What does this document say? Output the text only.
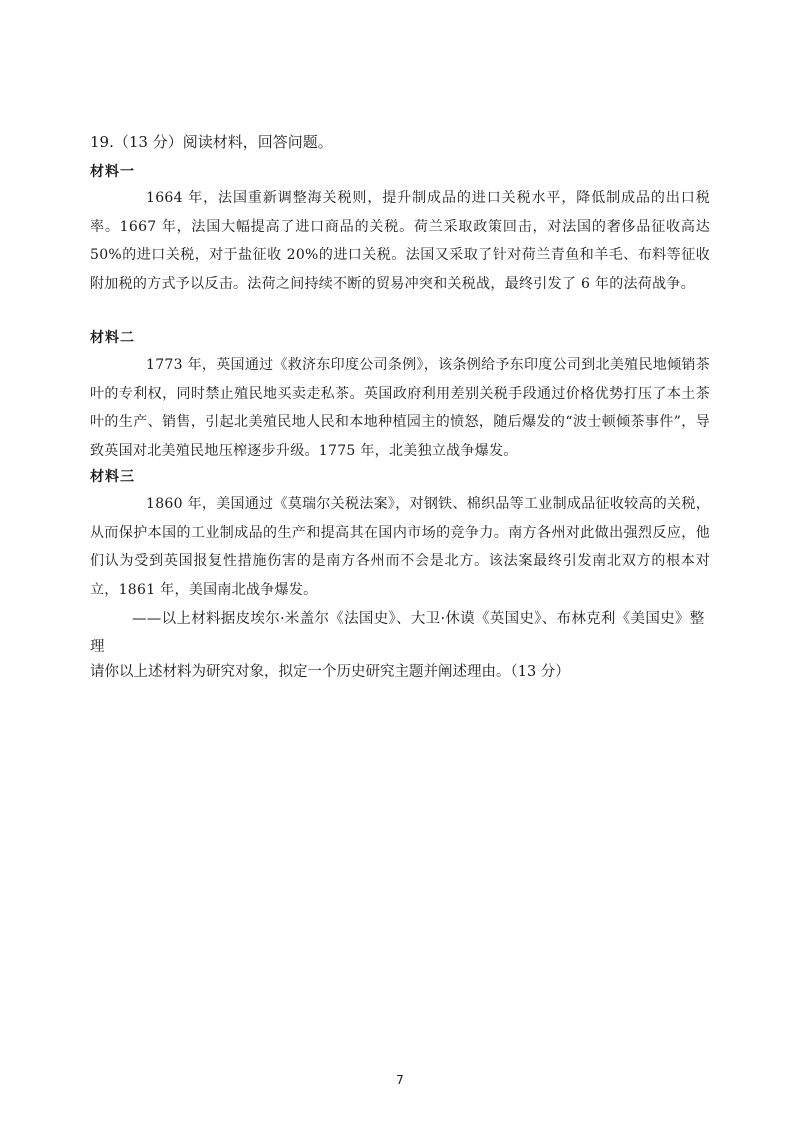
19.（13 分）阅读材料，回答问题。
材料一
1664 年，法国重新调整海关税则，提升制成品的进口关税水平，降低制成品的出口税率。1667 年，法国大幅提高了进口商品的关税。荷兰采取政策回击，对法国的奢侈品征收高达 50%的进口关税，对于盐征收 20%的进口关税。法国又采取了针对荷兰青鱼和羊毛、布料等征收附加税的方式予以反击。法荷之间持续不断的贸易冲突和关税战，最终引发了 6 年的法荷战争。
材料二
1773 年，英国通过《救济东印度公司条例》，该条例给予东印度公司到北美殖民地倾销茶叶的专利权，同时禁止殖民地买卖走私茶。英国政府利用差别关税手段通过价格优势打压了本土茶叶的生产、销售，引起北美殖民地人民和本地种植园主的愤怒，随后爆发的“波士顿倾茶事件”，导致英国对北美殖民地压榨逐步升级。1775 年，北美独立战争爆发。
材料三
1860 年，美国通过《莫瑞尔关税法案》，对钢铁、棉织品等工业制成品征收较高的关税，从而保护本国的工业制成品的生产和提高其在国内市场的竞争力。南方各州对此做出强烈反应，他们认为受到英国报复性措施伤害的是南方各州而不会是北方。该法案最终引发南北双方的根本对立，1861 年，美国南北战争爆发。
——以上材料据皮埃尔·米盖尔《法国史》、大卫·休谟《英国史》、布林克利《美国史》整理
请你以上述材料为研究对象，拟定一个历史研究主题并阐述理由。（13 分）
7
